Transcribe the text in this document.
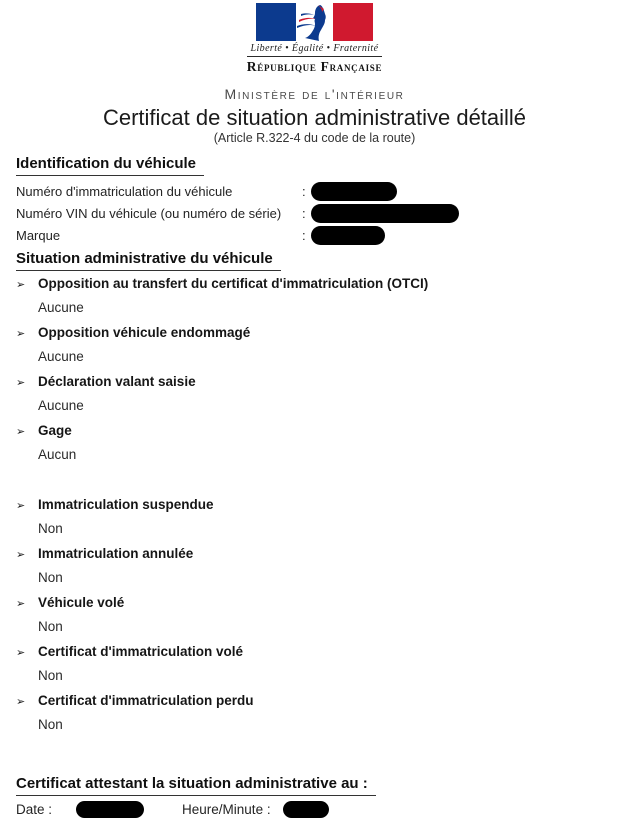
Liberté • Égalité • Fraternité
République Française
Ministère de l'intérieur
Certificat de situation administrative détaillé
(Article R.322-4 du code de la route)
Identification du véhicule
Numéro d'immatriculation du véhicule	:
Numéro VIN du véhicule (ou numéro de série)	:
Marque	:
Situation administrative du véhicule
➢ Opposition au transfert du certificat d'immatriculation (OTCI)
Aucune
➢ Opposition véhicule endommagé
Aucune
➢ Déclaration valant saisie
Aucune
➢ Gage
Aucun
➢ Immatriculation suspendue
Non
➢ Immatriculation annulée
Non
➢ Véhicule volé
Non
➢ Certificat d'immatriculation volé
Non
➢ Certificat d'immatriculation perdu
Non
Certificat attestant la situation administrative au :
Date :	Heure/Minute :
